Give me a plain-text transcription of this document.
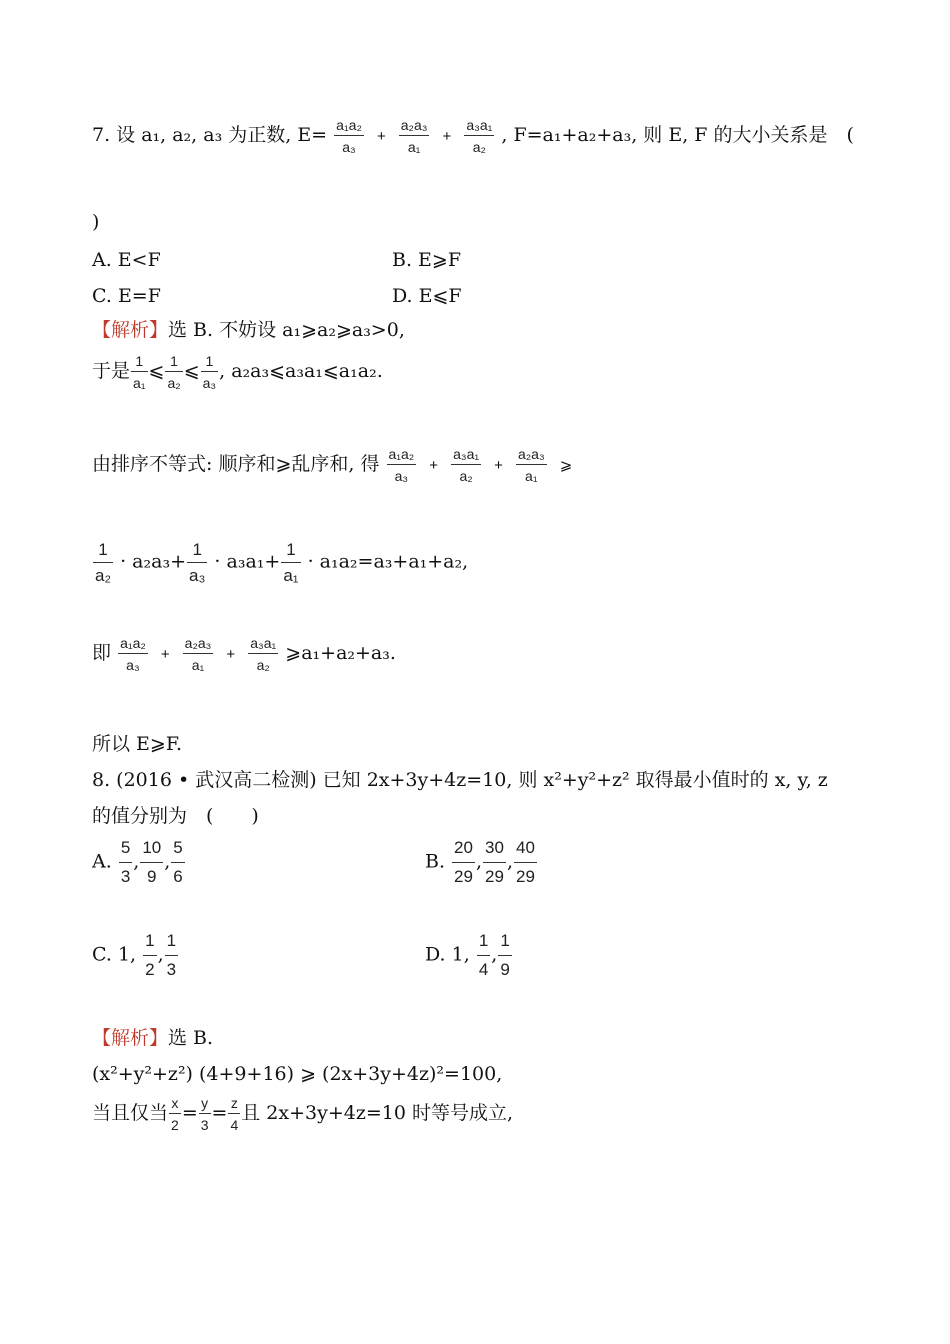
7. 设 a₁, a₂, a₃ 为正数, $E= \frac{\text{a₁a₂}}{\text{a₃}} + \frac{\text{a₂a₃}}{\text{a₁}} + \frac{\text{a₃a₁}}{\text{a₂}}$ , F=a₁+a₂+a₃, 则 E, F 的大小关系是　(
)
A. E<F	B. E⩾F
C. E=F	D. E⩽F
【解析】选 B. 不妨设 a₁⩾a₂⩾a₃>0,
于是 $\frac{1}{\text{a₁}}$ ⩽ $\frac{1}{\text{a₂}}$ ⩽ $\frac{1}{\text{a₃}}$ , a₂a₃⩽a₃a₁⩽a₁a₂.
由排序不等式: 顺序和⩾乱序和, 得 $\frac{\text{a₁a₂}}{\text{a₃}} + \frac{\text{a₃a₁}}{\text{a₂}} + \frac{\text{a₂a₃}}{\text{a₁}}$ ⩾
$\frac{1}{\text{a₂}} \cdot a_2a_3+ \frac{1}{\text{a₃}} \cdot a_3a_1+ \frac{1}{\text{a₁}} \cdot a_1a_2=a_3+a_1+a_2$,
即 $\frac{\text{a₁a₂}}{\text{a₃}} + \frac{\text{a₂a₃}}{\text{a₁}} + \frac{\text{a₃a₁}}{\text{a₂}}$ ⩾a₁+a₂+a₃.
所以 E⩾F.
8. (2016 • 武汉高二检测) 已知 2x+3y+4z=10, 则 x²+y²+z² 取得最小值时的 x, y, z
的值分别为　(　　)
A. $\frac{5}{3}$ , $\frac{10}{9}$ , $\frac{5}{6}$	B. $\frac{20}{29}$ , $\frac{30}{29}$ , $\frac{40}{29}$
C. 1, $\frac{1}{2}$ , $\frac{1}{3}$	D. 1, $\frac{1}{4}$ , $\frac{1}{9}$
【解析】选 B.
(x²+y²+z²) (4+9+16) ⩾ (2x+3y+4z)²=100,
当且仅当 $\frac{x}{2} = \frac{y}{3} = \frac{z}{4}$ 且 2x+3y+4z=10 时等号成立,
